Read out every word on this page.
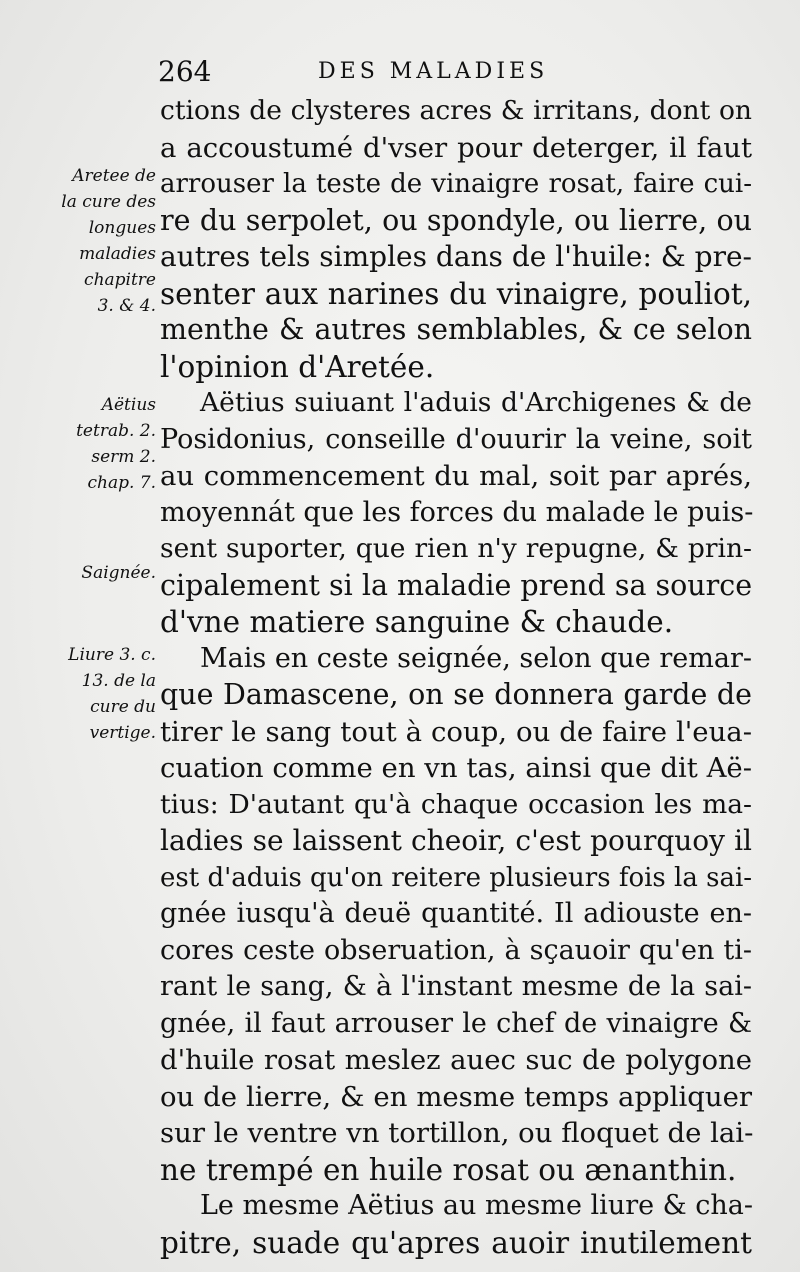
264	DES MALADIES
Aretee de
la cure des
longues
maladies
chapitre
3. & 4.
Aëtius
tetrab. 2.
serm 2.
chap. 7.
Saignée.
Liure 3. c.
13. de la
cure du
vertige.
ctions de clysteres acres & irritans, dont on
a accoustumé d'vser pour deterger, il faut
arrouser la teste de vinaigre rosat, faire cui-
re du serpolet, ou spondyle, ou lierre, ou
autres tels simples dans de l'huile: & pre-
senter aux narines du vinaigre, pouliot,
menthe & autres semblables, & ce selon
l'opinion d'Aretée.
Aëtius suiuant l'aduis d'Archigenes & de
Posidonius, conseille d'ouurir la veine, soit
au commencement du mal, soit par aprés,
moyennát que les forces du malade le puis-
sent suporter, que rien n'y repugne, & prin-
cipalement si la maladie prend sa source
d'vne matiere sanguine & chaude.
Mais en ceste seignée, selon que remar-
que Damascene, on se donnera garde de
tirer le sang tout à coup, ou de faire l'eua-
cuation comme en vn tas, ainsi que dit Aë-
tius: D'autant qu'à chaque occasion les ma-
ladies se laissent cheoir, c'est pourquoy il
est d'aduis qu'on reitere plusieurs fois la sai-
gnée iusqu'à deuë quantité. Il adiouste en-
cores ceste obseruation, à sçauoir qu'en ti-
rant le sang, & à l'instant mesme de la sai-
gnée, il faut arrouser le chef de vinaigre &
d'huile rosat meslez auec suc de polygone
ou de lierre, & en mesme temps appliquer
sur le ventre vn tortillon, ou floquet de lai-
ne trempé en huile rosat ou ænanthin.
Le mesme Aëtius au mesme liure & cha-
pitre, suade qu'apres auoir inutilement
